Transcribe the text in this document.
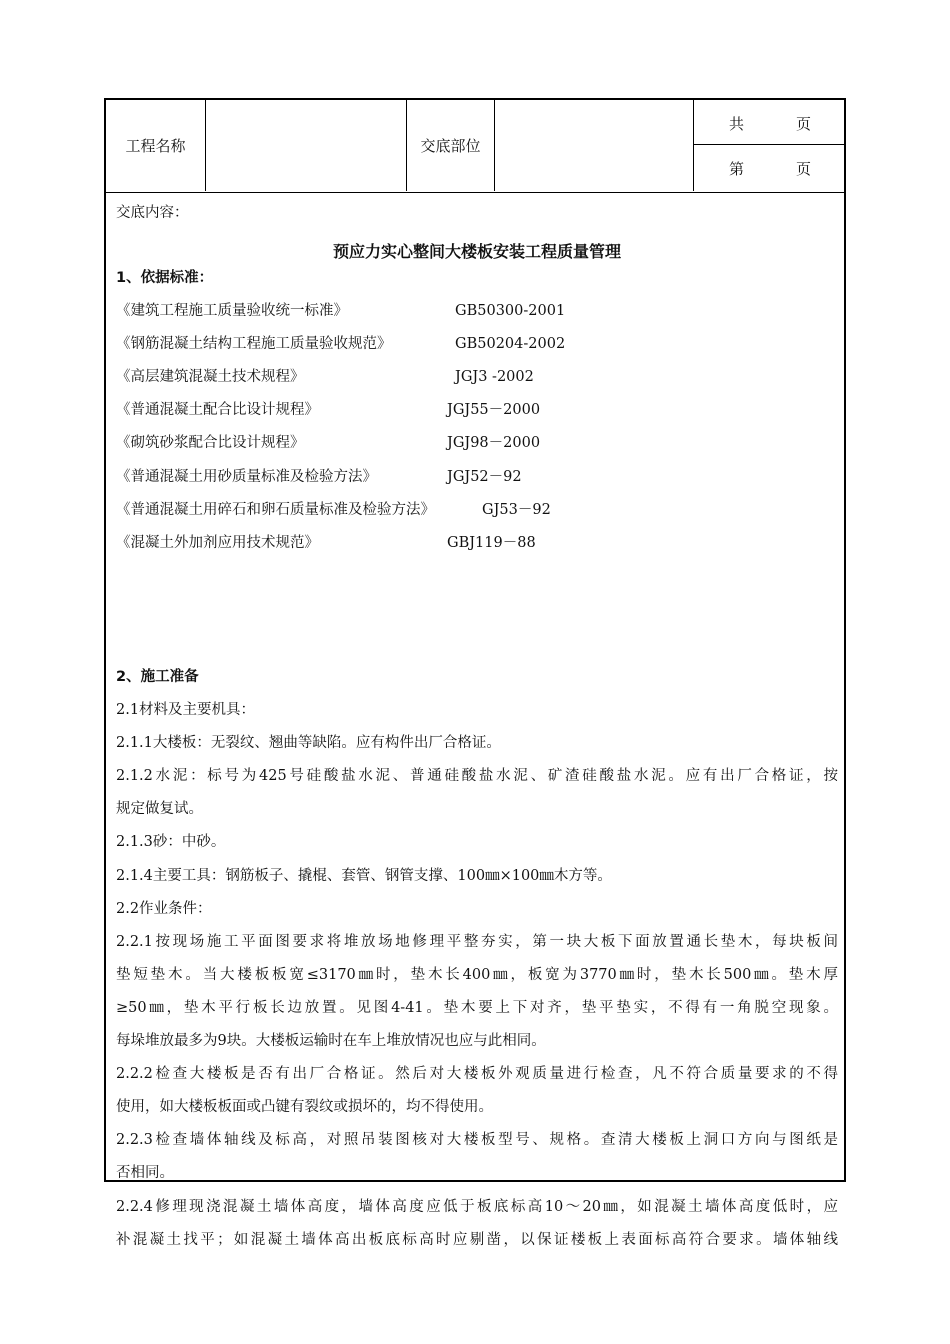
工程名称	交底部位
共	页
第	页
交底内容：
预应力实心整间大楼板安装工程质量管理
1、依据标准：
《建筑工程施工质量验收统一标准》	GB50300-2001
《钢筋混凝土结构工程施工质量验收规范》	GB50204-2002
《高层建筑混凝土技术规程》	JGJ3 -2002
《普通混凝土配合比设计规程》	JGJ55－2000
《砌筑砂浆配合比设计规程》	JGJ98－2000
《普通混凝土用砂质量标准及检验方法》	JGJ52－92
《普通混凝土用碎石和卵石质量标准及检验方法》	GJ53－92
《混凝土外加剂应用技术规范》	GBJ119－88
2、施工准备
2.1材料及主要机具：
2.1.1大楼板：无裂纹、翘曲等缺陷。应有构件出厂合格证。
2.1.2水泥：标号为425号硅酸盐水泥、普通硅酸盐水泥、矿渣硅酸盐水泥。应有出厂合格证，按
规定做复试。
2.1.3砂：中砂。
2.1.4主要工具：钢筋板子、撬棍、套管、钢管支撑、100㎜×100㎜木方等。
2.2作业条件：
2.2.1按现场施工平面图要求将堆放场地修理平整夯实，第一块大板下面放置通长垫木，每块板间
垫短垫木。当大楼板板宽≤3170㎜时，垫木长400㎜，板宽为3770㎜时，垫木长500㎜。垫木厚
≥50㎜，垫木平行板长边放置。见图4-41。垫木要上下对齐，垫平垫实，不得有一角脱空现象。
每垛堆放最多为9块。大楼板运输时在车上堆放情况也应与此相同。
2.2.2检查大楼板是否有出厂合格证。然后对大楼板外观质量进行检查，凡不符合质量要求的不得
使用，如大楼板板面或凸键有裂纹或损坏的，均不得使用。
2.2.3检查墙体轴线及标高，对照吊装图核对大楼板型号、规格。查清大楼板上洞口方向与图纸是
否相同。
2.2.4修理现浇混凝土墙体高度，墙体高度应低于板底标高10～20㎜，如混凝土墙体高度低时，应
补混凝土找平；如混凝土墙体高出板底标高时应剔凿，以保证楼板上表面标高符合要求。墙体轴线
